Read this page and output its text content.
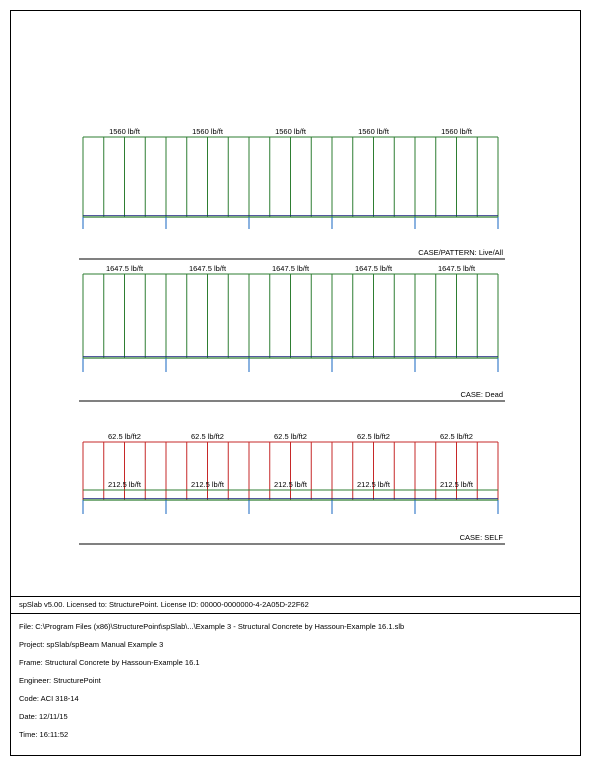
1560 lb/ft	1560 lb/ft	1560 lb/ft	1560 lb/ft	1560 lb/ft
CASE/PATTERN: Live/All
1647.5 lb/ft	1647.5 lb/ft	1647.5 lb/ft	1647.5 lb/ft	1647.5 lb/ft
CASE: Dead
62.5 lb/ft2	62.5 lb/ft2	62.5 lb/ft2	62.5 lb/ft2	62.5 lb/ft2
212.5 lb/ft	212.5 lb/ft	212.5 lb/ft	212.5 lb/ft	212.5 lb/ft
CASE: SELF
spSlab v5.00. Licensed to: StructurePoint. License ID: 00000-0000000-4-2A05D-22F62
File: C:\Program Files (x86)\StructurePoint\spSlab\...\Example 3 - Structural Concrete by Hassoun-Example 16.1.slb
Project: spSlab/spBeam Manual Example 3
Frame: Structural Concrete by Hassoun-Example 16.1
Engineer: StructurePoint
Code: ACI 318-14
Date: 12/11/15
Time: 16:11:52
